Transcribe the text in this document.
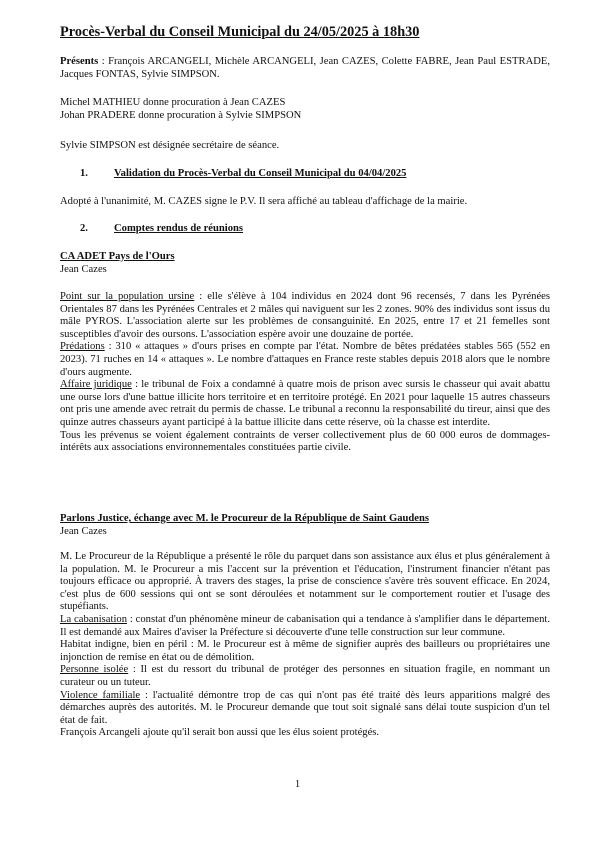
Procès-Verbal du Conseil Municipal du 24/05/2025 à 18h30
Présents : François ARCANGELI, Michèle ARCANGELI, Jean CAZES, Colette FABRE, Jean Paul ESTRADE, Jacques FONTAS, Sylvie SIMPSON.

Michel MATHIEU donne procuration à Jean CAZES

Johan PRADERE donne procuration à Sylvie SIMPSON

Sylvie SIMPSON est désignée secrétaire de séance.
1. Validation du Procès-Verbal du Conseil Municipal du 04/04/2025
Adopté à l'unanimité, M. CAZES signe le P.V. Il sera affiché au tableau d'affichage de la mairie.
2. Comptes rendus de réunions

CA ADET Pays de l'Ours

Jean Cazes

Point sur la population ursine : elle s'élève à 104 individus en 2024 dont 96 recensés, 7 dans les Pyrénées Orientales 87 dans les Pyrénées Centrales et 2 mâles qui naviguent sur les 2 zones. 90% des individus sont issus du mâle PYROS. L'association alerte sur les problèmes de consanguinité. En 2025, entre 17 et 21 femelles sont susceptibles d'avoir des oursons. L'association espère avoir une douzaine de portée.

Prédations : 310 « attaques » d'ours prises en compte par l'état. Nombre de bêtes prédatées stables 565 (552 en 2023). 71 ruches en 14 « attaques ». Le nombre d'attaques en France reste stables depuis 2018 alors que le nombre d'ours augmente.

Affaire juridique : le tribunal de Foix a condamné à quatre mois de prison avec sursis le chasseur qui avait abattu une ourse lors d'une battue illicite hors territoire et en territoire protégé. En 2021 pour laquelle 15 autres chasseurs ont pris une amende avec retrait du permis de chasse. Le tribunal a reconnu la responsabilité du tireur, ainsi que des quinze autres chasseurs ayant participé à la battue illicite dans cette réserve, où la chasse est interdite.

Tous les prévenus se voient également contraints de verser collectivement plus de 60 000 euros de dommages-intérêts aux associations environnementales constituées partie civile.

Parlons Justice, échange avec M. le Procureur de la République de Saint Gaudens

Jean Cazes

M. Le Procureur de la République a présenté le rôle du parquet dans son assistance aux élus et plus généralement à la population. M. le Procureur a mis l'accent sur la prévention et l'éducation, l'instrument financier n'étant pas toujours efficace ou approprié. À travers des stages, la prise de conscience s'avère très souvent efficace. En 2024, c'est plus de 600 sessions qui ont se sont déroulées et notamment sur le comportement routier et l'usage des stupéfiants.

La cabanisation : constat d'un phénomène mineur de cabanisation qui a tendance à s'amplifier dans le département. Il est demandé aux Maires d'aviser la Préfecture si découverte d'une telle construction sur leur commune.

Habitat indigne, bien en péril : M. le Procureur est à même de signifier auprès des bailleurs ou propriétaires une injonction de remise en état ou de démolition.

Personne isolée : Il est du ressort du tribunal de protéger des personnes en situation fragile, en nommant un curateur ou un tuteur.

Violence familiale : l'actualité démontre trop de cas qui n'ont pas été traité dès leurs apparitions malgré des démarches auprès des autorités. M. le Procureur demande que tout soit signalé sans délai toute suspicion d'un tel état de fait.

François Arcangeli ajoute qu'il serait bon aussi que les élus soient protégés.

1
